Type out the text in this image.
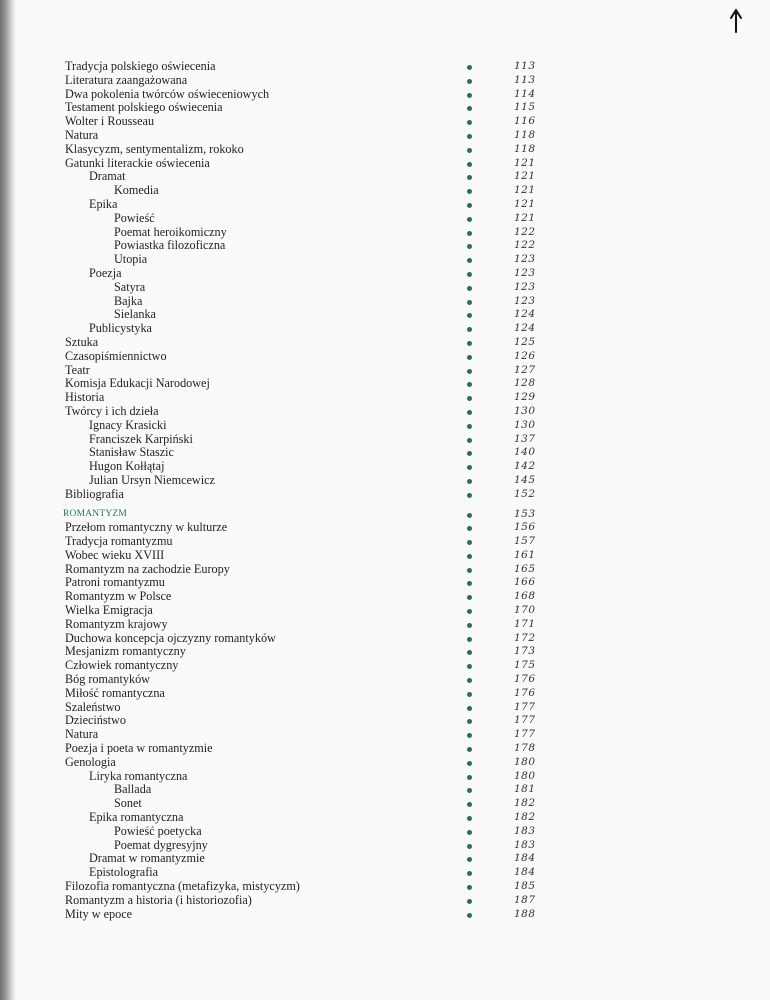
Tradycja polskiego oświecenia	113
Literatura zaangażowana	113
Dwa pokolenia twórców oświeceniowych	114
Testament polskiego oświecenia	115
Wolter i Rousseau	116
Natura	118
Klasycyzm, sentymentalizm, rokoko	118
Gatunki literackie oświecenia	121
Dramat	121
Komedia	121
Epika	121
Powieść	121
Poemat heroikomiczny	122
Powiastka filozoficzna	122
Utopia	123
Poezja	123
Satyra	123
Bajka	123
Sielanka	124
Publicystyka	124
Sztuka	125
Czasopiśmiennictwo	126
Teatr	127
Komisja Edukacji Narodowej	128
Historia	129
Twórcy i ich dzieła	130
Ignacy Krasicki	130
Franciszek Karpiński	137
Stanisław Staszic	140
Hugon Kołłątaj	142
Julian Ursyn Niemcewicz	145
Bibliografia	152
ROMANTYZM	153
Przełom romantyczny w kulturze	156
Tradycja romantyzmu	157
Wobec wieku XVIII	161
Romantyzm na zachodzie Europy	165
Patroni romantyzmu	166
Romantyzm w Polsce	168
Wielka Emigracja	170
Romantyzm krajowy	171
Duchowa koncepcja ojczyzny romantyków	172
Mesjanizm romantyczny	173
Człowiek romantyczny	175
Bóg romantyków	176
Miłość romantyczna	176
Szaleństwo	177
Dzieciństwo	177
Natura	177
Poezja i poeta w romantyzmie	178
Genologia	180
Liryka romantyczna	180
Ballada	181
Sonet	182
Epika romantyczna	182
Powieść poetycka	183
Poemat dygresyjny	183
Dramat w romantyzmie	184
Epistolografia	184
Filozofia romantyczna (metafizyka, mistycyzm)	185
Romantyzm a historia (i historiozofia)	187
Mity w epoce	188
